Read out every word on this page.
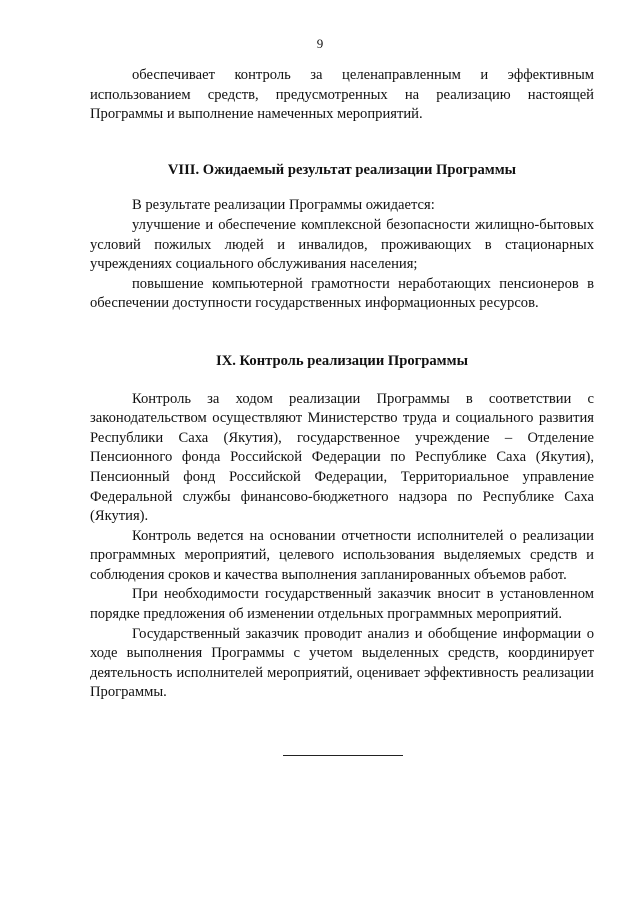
9

обеспечивает контроль за целенаправленным и эффективным использованием средств, предусмотренных на реализацию настоящей Программы и выполнение намеченных мероприятий.

VIII. Ожидаемый результат реализации Программы

В результате реализации Программы ожидается:

улучшение и обеспечение комплексной безопасности жилищно-бытовых условий пожилых людей и инвалидов, проживающих в стационарных учреждениях социального обслуживания населения;

повышение компьютерной грамотности неработающих пенсионеров в обеспечении доступности государственных информационных ресурсов.

IX. Контроль реализации Программы

Контроль за ходом реализации Программы в соответствии с законодательством осуществляют Министерство труда и социального развития Республики Саха (Якутия), государственное учреждение – Отделение Пенсионного фонда Российской Федерации по Республике Саха (Якутия), Пенсионный фонд Российской Федерации, Территориальное управление Федеральной службы финансово-бюджетного надзора по Республике Саха (Якутия).

Контроль ведется на основании отчетности исполнителей о реализации программных мероприятий, целевого использования выделяемых средств и соблюдения сроков и качества выполнения запланированных объемов работ.

При необходимости государственный заказчик вносит в установленном порядке предложения об изменении отдельных программных мероприятий.

Государственный заказчик проводит анализ и обобщение информации о ходе выполнения Программы с учетом выделенных средств, координирует деятельность исполнителей мероприятий, оценивает эффективность реализации Программы.
